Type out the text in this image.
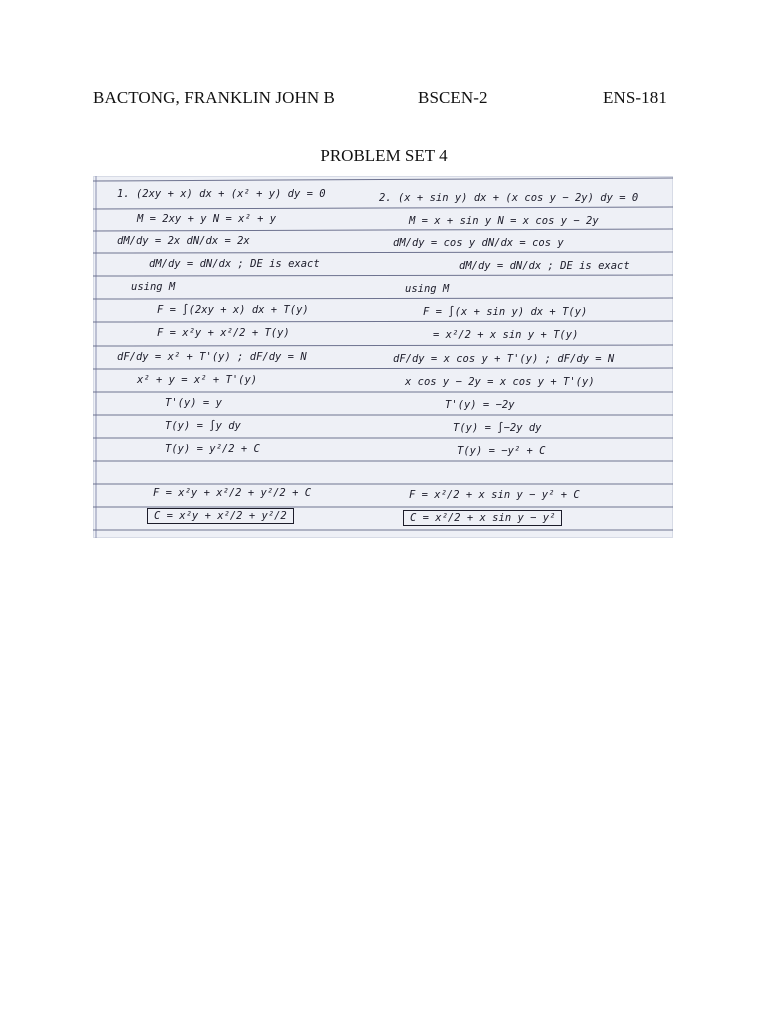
BACTONG, FRANKLIN JOHN B	BSCEN-2	ENS-181
PROBLEM SET 4
1. (2xy + x) dx + (x² + y) dy = 0
M = 2xy + y N = x² + y
dM/dy = 2x dN/dx = 2x
dM/dy = dN/dx ; DE is exact
using M
F = ∫(2xy + x) dx + T(y)
F = x²y + x²/2 + T(y)
dF/dy = x² + T'(y) ; dF/dy = N
x² + y = x² + T'(y)
T'(y) = y
T(y) = ∫y dy
T(y) = y²/2 + C
F = x²y + x²/2 + y²/2 + C
C = x²y + x²/2 + y²/2
2. (x + sin y) dx + (x cos y − 2y) dy = 0
M = x + sin y N = x cos y − 2y
dM/dy = cos y dN/dx = cos y
dM/dy = dN/dx ; DE is exact
using M
F = ∫(x + sin y) dx + T(y)
= x²/2 + x sin y + T(y)
dF/dy = x cos y + T'(y) ; dF/dy = N
x cos y − 2y = x cos y + T'(y)
T'(y) = −2y
T(y) = ∫−2y dy
T(y) = −y² + C
F = x²/2 + x sin y − y² + C
C = x²/2 + x sin y − y²
